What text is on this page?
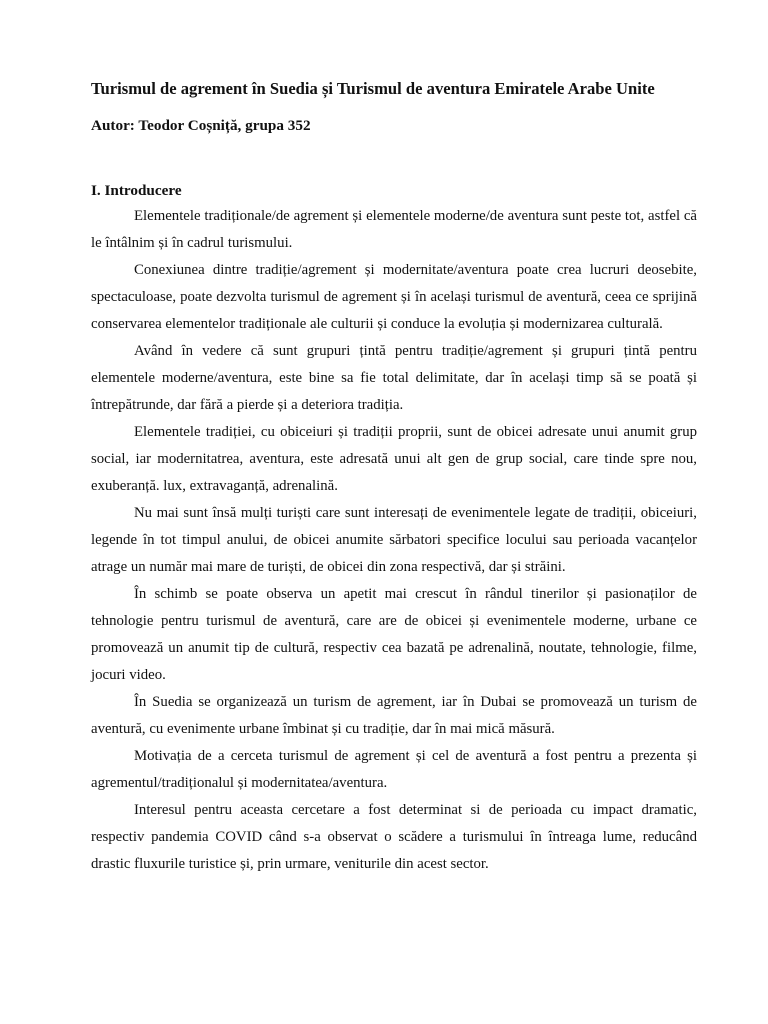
Turismul de agrement în Suedia și Turismul de aventura Emiratele Arabe Unite
Autor: Teodor Coșniță, grupa 352
I. Introducere

Elementele tradiționale/de agrement și elementele moderne/de aventura sunt peste tot, astfel că le întâlnim și în cadrul turismului.

Conexiunea dintre tradiție/agrement și modernitate/aventura poate crea lucruri deosebite, spectaculoase, poate dezvolta turismul de agrement și în același turismul de aventură, ceea ce sprijină conservarea elementelor tradiționale ale culturii și conduce la evoluția și modernizarea culturală.

Având în vedere că sunt grupuri țintă pentru tradiție/agrement și grupuri țintă pentru elementele moderne/aventura, este bine sa fie total delimitate, dar în același timp să se poată și întrepătrunde, dar fără a pierde și a deteriora tradiția.

Elementele tradiției, cu obiceiuri și tradiții proprii, sunt de obicei adresate unui anumit grup social, iar modernitatrea, aventura, este adresată unui alt gen de grup social, care tinde spre nou, exuberanță. lux, extravaganță, adrenalină.

Nu mai sunt însă mulți turiști care sunt interesați de evenimentele legate de tradiții, obiceiuri, legende în tot timpul anului, de obicei anumite sărbatori specifice locului sau perioada vacanțelor atrage un număr mai mare de turiști, de obicei din zona respectivă, dar și străini.

În schimb se poate observa un apetit mai crescut în rândul tinerilor și pasionaților de tehnologie pentru turismul de aventură, care are de obicei și evenimentele moderne, urbane ce promovează un anumit tip de cultură, respectiv cea bazată pe adrenalină, noutate, tehnologie, filme, jocuri video.

În Suedia se organizează un turism de agrement, iar în Dubai se promovează un turism de aventură, cu evenimente urbane îmbinat și cu tradiție, dar în mai mică măsură.

Motivația de a cerceta turismul de agrement și cel de aventură a fost pentru a prezenta și agrementul/tradiționalul și modernitatea/aventura.

Interesul pentru aceasta cercetare a fost determinat si de perioada cu impact dramatic, respectiv pandemia COVID când s-a observat o scădere a turismului în întreaga lume, reducând drastic fluxurile turistice și, prin urmare, veniturile din acest sector.
